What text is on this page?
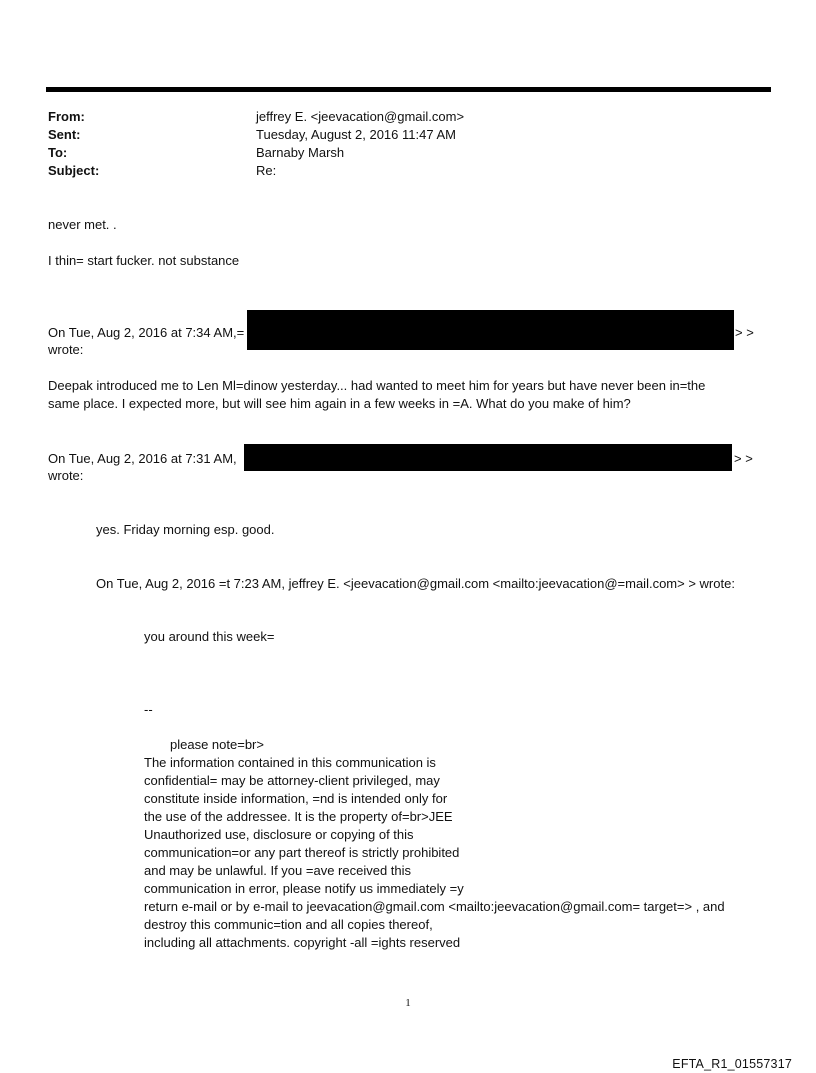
From:	jeffrey E. <jeevacation@gmail.com>
Sent:	Tuesday, August 2, 2016 11:47 AM
To:	Barnaby Marsh
Subject:	Re:
never met. .
I thin= start fucker. not substance
On Tue, Aug 2, 2016 at 7:34 AM,=	> >
wrote:
Deepak introduced me to Len Ml=dinow yesterday... had wanted to meet him for years but have never been in=the
same place. I expected more, but will see him again in a few weeks in =A. What do you make of him?
On Tue, Aug 2, 2016 at 7:31 AM,	> >
wrote:
yes. Friday morning esp. good.
On Tue, Aug 2, 2016 =t 7:23 AM, jeffrey E. <jeevacation@gmail.com <mailto:jeevacation@=mail.com> > wrote:
you around this week=
--
please note=br>
The information contained in this communication is
confidential= may be attorney-client privileged, may
constitute inside information, =nd is intended only for
the use of the addressee. It is the property of=br>JEE
Unauthorized use, disclosure or copying of this
communication=or any part thereof is strictly prohibited
and may be unlawful. If you =ave received this
communication in error, please notify us immediately =y
return e-mail or by e-mail to jeevacation@gmail.com <mailto:jeevacation@gmail.com= target=> , and
destroy this communic=tion and all copies thereof,
including all attachments. copyright -all =ights reserved
1
EFTA_R1_01557317
